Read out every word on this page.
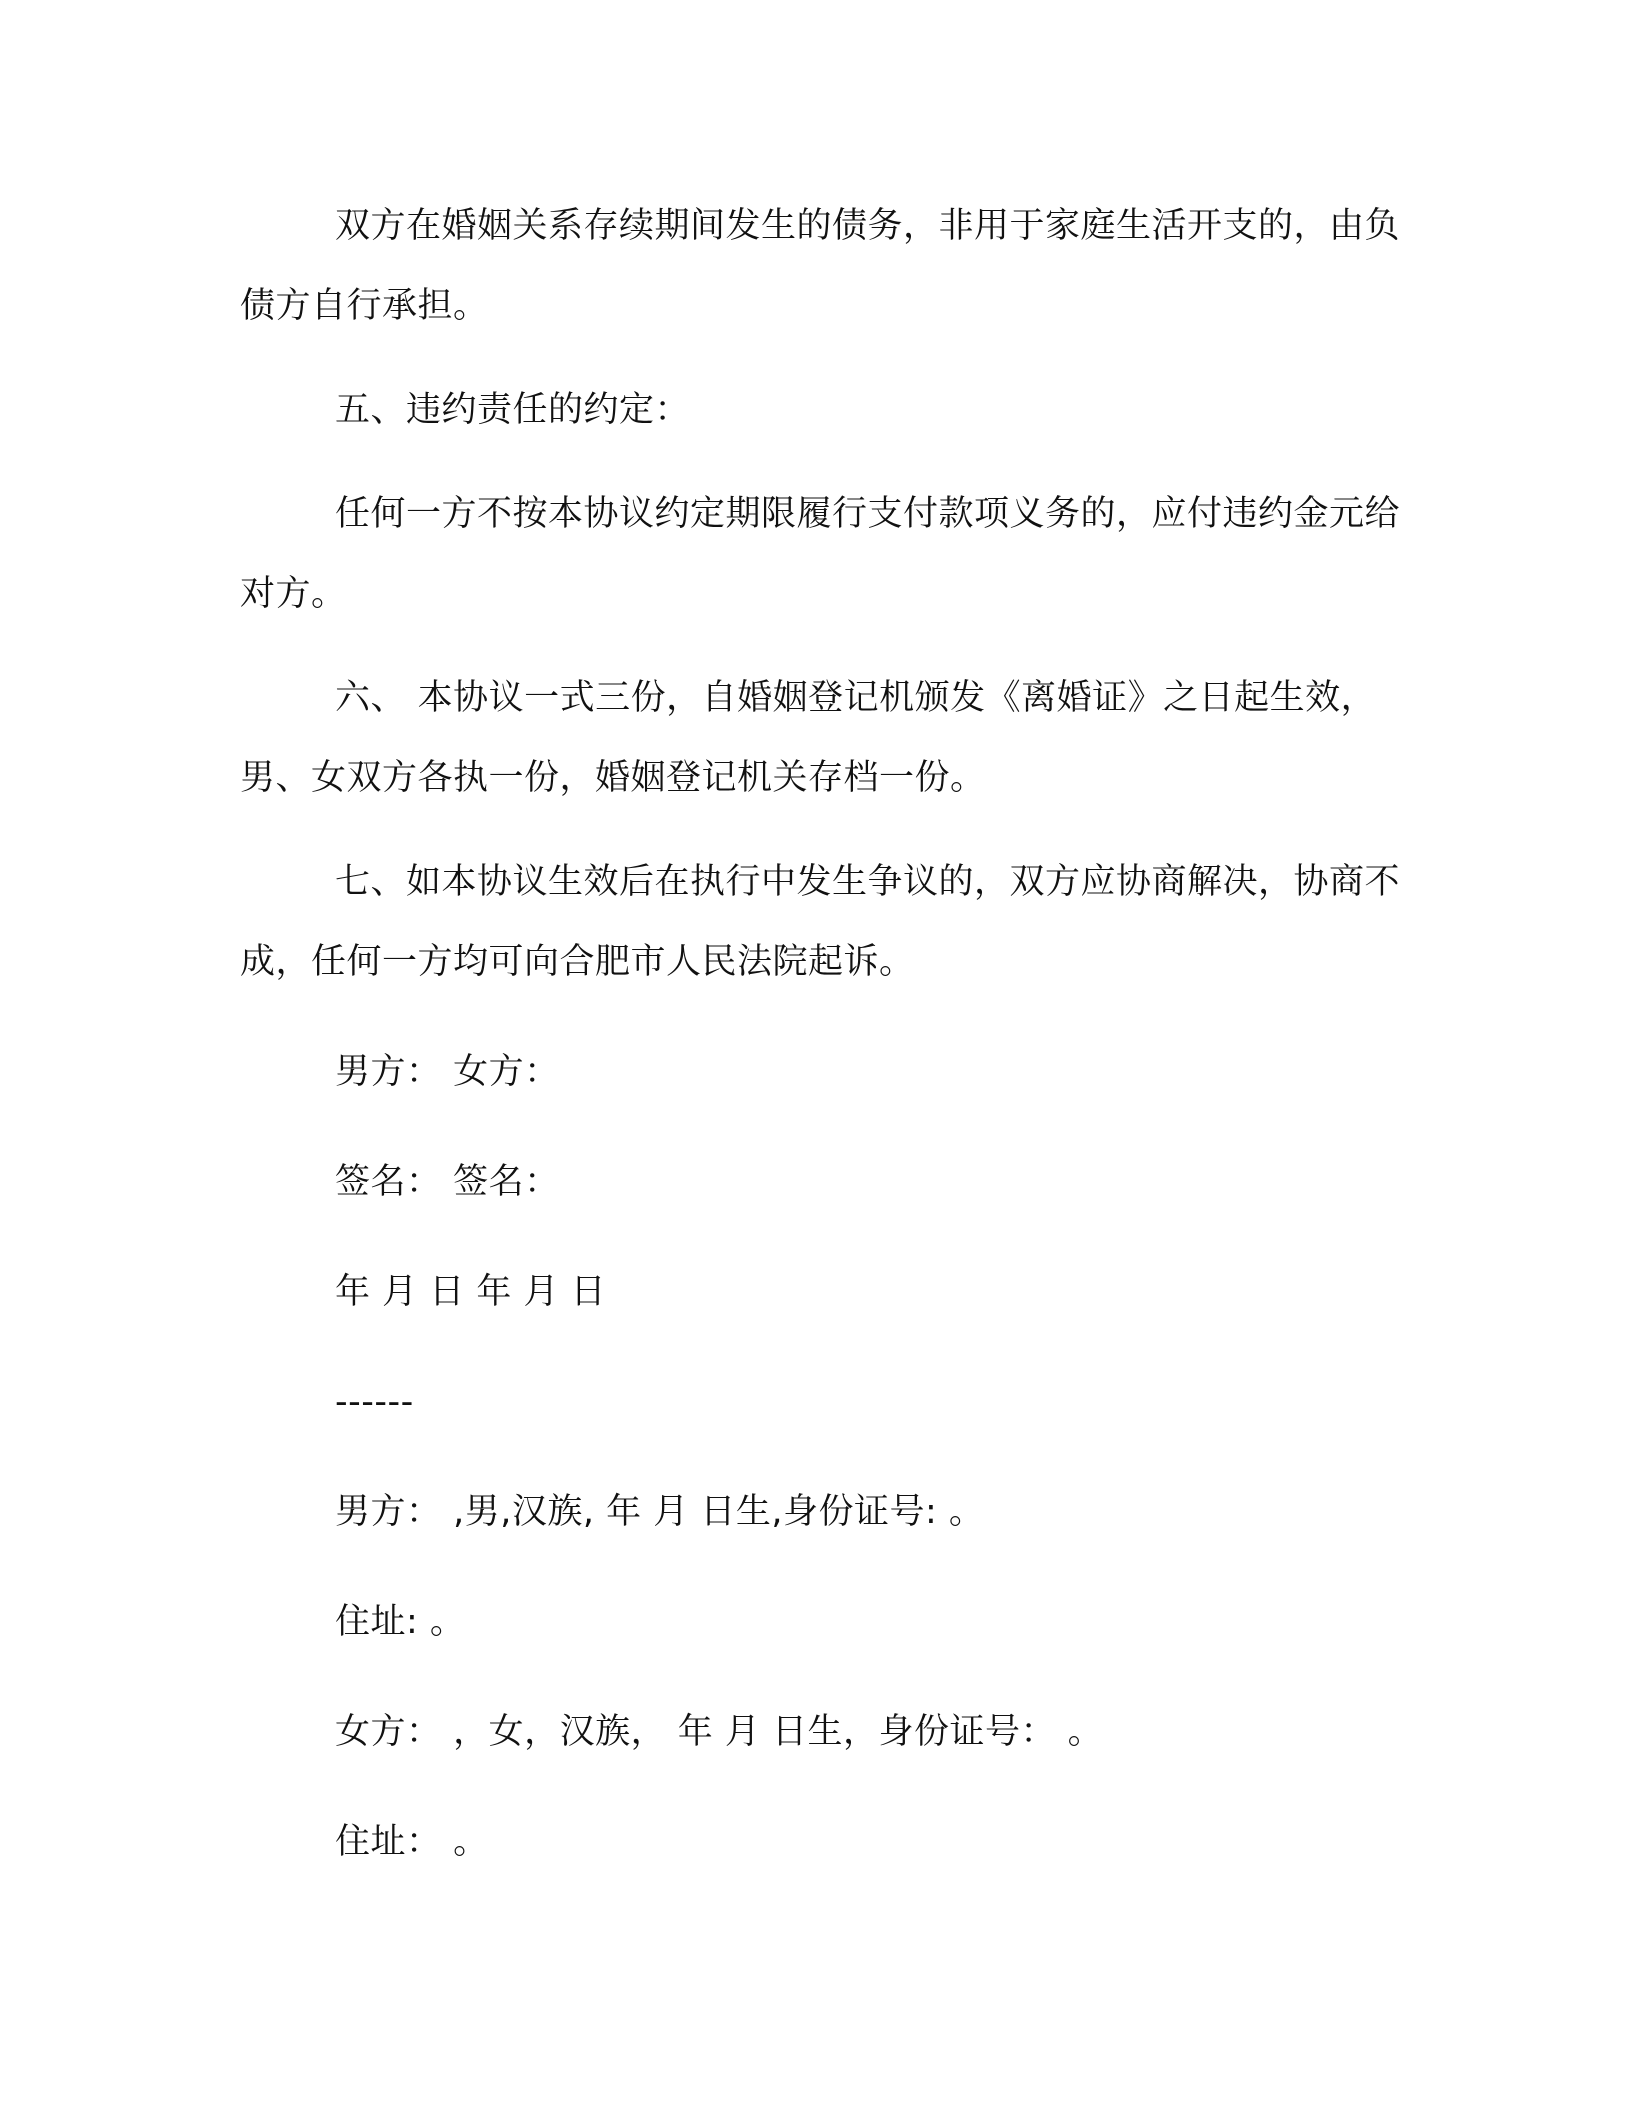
双方在婚姻关系存续期间发生的债务，非用于家庭生活开支的，由负债方自行承担。

五、违约责任的约定：

任何一方不按本协议约定期限履行支付款项义务的，应付违约金元给对方。

六、 本协议一式三份，自婚姻登记机颁发《离婚证》之日起生效，男、女双方各执一份，婚姻登记机关存档一份。

七、如本协议生效后在执行中发生争议的，双方应协商解决，协商不成，任何一方均可向合肥市人民法院起诉。

男方： 女方：

签名： 签名：

年 月 日 年 月 日

------

男方： ,男,汉族, 年 月 日生,身份证号: 。

住址: 。

女方： ，女，汉族， 年 月 日生，身份证号： 。

住址： 。
